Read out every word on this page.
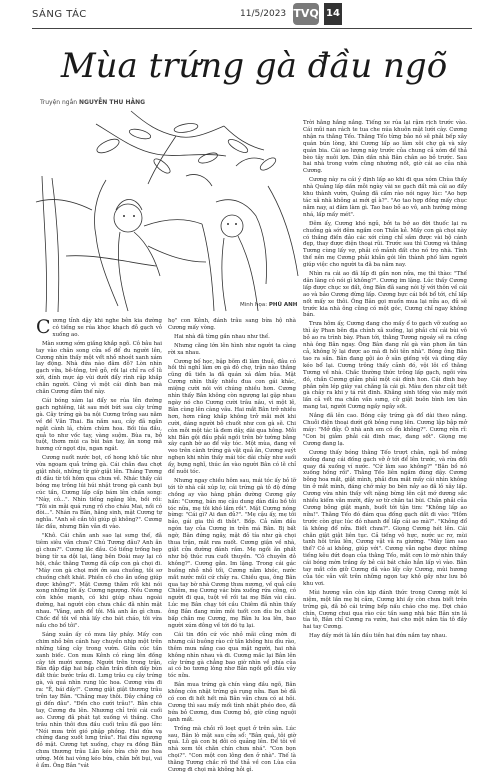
SÁNG TÁC	11/5/2023 TVQ 14
Mùa trứng gà đầu ngõ
Truyện ngắn NGUYỄN THU HẰNG
Minh họa: PHÚ ANH

Cương tỉnh dậy khi nghe bên kia đường có tiếng xe rúa khọc khạch đỗ gạch vỏ xuống ao.

Màn sương sớm giăng khắp ngõ. Cô bâu hai tay vào chân song cửa sổ để đu người lên, Cương nhìn thấy một vết nhỏ nhoét xanh xám lay động. Nhà đứa nào đâm đỗ? Lòn nhìn gạch vữa, bê-tông, trẻ gỗ, rồi lại chỉ ra cổ lũ xới, dính mực áp vùi dưới đẩy rình rập khắp chăn người. Cũng vì một cái đính ban mà chăn Cương đâm thế này.

Cái bóng xám lại đẩy xe rúa lên đường gạch nghiêng, lát sau mới bứt sau cây trứng gà. Cây trứng gà ba nội Cương trồng sau năm về đề Văn Thai. Ba năm sau, cây đã ngăn ngắt cành lá, chùm chùm hoa. Bồi lúa đầu, quả to như vốc tay, vàng suộm. Bùa ra, bỏ tuột, thơm mùi ca bùi bán tay, ăn xong mà hương cứ ngọt dịu, ngan ngát.

Cương nuốt nước bọt, cố hong khô tắc như vừa ngoạm quả trứng gà. Cái chăn đau chợt giật nhói, những từ giờ giật lên. Tháng Tương đi đâu từ tối hôm qua chưa về. Nhác thấy cái bóng mẹ trông lúi húi nhặt trong gà canh bụi cúc tần, Cương lấp cấp bám lên chấn song: "Này, cô...". Nhìn tiếng ngăng lên, bồi rồi: "Tôi sin mãi quá rung rồ cho cháu Mai, nồi có đòi...". Nhân ra Bân, hăng sinh, mặt Cương tự nghĩa. "Anh sẽ cần tôi giúp gì không?". Cương lắc đầu, nhưng Bân vẫn đi vào.

"Khô. Cái chăn anh sao lại sưng thế, đã tiêm siêu văn chưa? Chú Tương đâu? Anh ăn gì chưa?". Cương lắc đầu. Có tiếng trống hẹp bùng từ xa dội lại, làng bên Đoài may lại có hội, chắc thằng Tương đã cấp con gà chọi đi. "Mày con gà chọi mới ớn sau chuồng, tôi sơ chuồng chết khát. Phiền cô cho ăn uống giúp được không?". Mặt Cương thăm rồi khi nói xong những lời ấy. Cương ngượng. Nếu Cương còn khỏe mạnh, có khi giúp nhau ngoài đường, hai người còn chưa chắc đã nhìn mặt nhau. "Vâng, anh để tôi. Mà anh ăn gì chưa. Chốc để tôi về nhà lấy cho bát cháo, tôi vừa nấu cho bố tôi".

Sáng xuân ấy có mưa lây phây. Mấy con chim nhỏ bên cánh hay chuyền nhịp một trên những tầng cây trong vườn. Giữa cúc tần xanh biếc. Con mưa Kênh có ràng lên đồng cây tới mười xương. Người trên trong trận, Bân đập đập hai bắp chăn trần đính dấy bùn đất thúc bước trâu đi. Lưng trâu cụ cây trứng gà, và quá nhìn rung lúc hoa. Cương vừa đi ra: "Ê, bái đấy!". Cương giật giật thương trâu trên tay Bân. "Chẳng may thôi. Đây chẳng có gì đến đâu". "Đến cho cưới trâu!". Bân chia tay, Cương đu lên. Nhương chỉ trói cái cuối ao. Cương đã phát tạt xuống vì thắng. Cho trâu nhìn thôi đưa đầu cuối trâu đã gạo lên: "Nói mưa trời gió phập phồng. Hai đứa vạ chứng đang xuốt lưng trâu". Hai đứa ngượng đỏ mặt. Cương tựt xuống, chạy ra đồng Bân chưa thương trâu Lân kéo bừa chờ mo hoa ướng. Mới hai vòng kéo bừa, chăn bởi bụi, vai ê ẩm. Ông Bân "vát

họ" con Kênh, đánh trâu sang bừa hộ nhà Cương mấy vòng.

Hai nhà đã từng gắn nhau như thế.

Nhưng căng lớn lên hình như người ta càng rời xa nhau.

Cương bố học, bập bõm đi làm thuê, đâu có hồi thì nghỉ làm ơn gà đỏ chợ, trận nào thắng cũng đủ tiền la đã quán xá đảm hủa. Mặt Cương nhìn thấy nhiều đua con gái khác, miệng cười nói với chúng nhiều hơn. Cương nhìn thấy Bân không còn ngượng lại gặp nhau ngày nó cho Cương cười trâu nâu, vì một lẽ, Bân cùng lên càng vâu. Hai mắt Bân trở nhiều hơn, hơm răng khắp không trở mãi mới khi cười, dáng người bỗ chuốt như con gà sẽ. Chi còn mỗi một tác là đem dây, dài qua hông. Mỗi khi Bân gội đầu phải ngồi trên bờ tường bằng xây cạnh bờ ao để vây tóc. Một mùa, đang về veo trên cành trứng gà vặt quả ăn, Cương suýt nghẹn khi nhìn thấy mái tóc dài chảy như suối ấy, bựng nghĩ, thúc ân vào người Bân có lẽ chỉ để nuôi tóc.

Nhưng ngay chiều hôm sau, mái tóc ấy bỏ lỡ tới tờ nhà cải xúp lợ, cái trứng gà tô độ đứng chồng ay vào hàng phận đường Cương gây hấn: "Cương, bán mẹ cậu dung dàn đầu bồ tôi tóc nữa, mẹ tôi khó lắm rồi". Mặt Cương nóng bừng: "Cái gì? Ai đan đủ?". "Mẹ cậu ấy, mẹ tôi bảo, gái gia thì đi thôi". Bốp. Cả năm đầu ngón tay của Cương in trên má Bân. Bị bất ngờ, Bân đứng ngây, mặt đỏ tía như gà chọi thua trận, mắt rưa nuốt. Cương giận về nhà, giật cửa đường đánh rầm. Mẹ ngồi ăn phất như bộ thúc rưa cuối thuyền. "Cô chuyên đỏ không?". Cương gằn. Im lặng. Trong cái gác buồng nhỏ nhỏ tối, Cương nằm khóc, nước mắt nước mũi cứ chảy ra. Chiều qua, ông Bân qua tay bờ nhà Cương thưa nương, về quả cầu Chiêm, mẹ Cương vác bừa xuống rứa công, có người đi qua, tuột về rồi tai mẹ Bân vài câu. Lúc mẹ Bân chạy tới cầu Chiêm đã nhìn thấy ông Bân đang mím môi tuốt con dìu bu chật bấp chăn mẹ Cương, mẹ Bân lu loa lên, bao người xúm đông về tới đó tụ lại.

Cái tin đồn cứ vóc nhỏ mãi cũng mờn đi nhưng cái buông rào cứ tăn không hiu dìu rào, thêm mưa nắng cao qua mặt người, hai nhà không nhìn nhau và đi. Cương mắc lại Bân lên cây trứng gà chẳng bao giờ nhìn về phía của ai có bo tương lòng nhơ Bân ngồi gối đầu vây tóc nữa.

Bân mua trứng gà chín vàng đầu ngõ, Bân không còn nhặt trứng gà rụng nữa. Bạn bè đã có con đi hết hết mà Bân vẫn chưa có ai hỏi. Cương thì sau mấy mối tình nhặt phéo đeo, đã bứa bỏ Cương, đưa Cương bỏ, giờ cũng nguội lạnh mất.

Trống mà chỏi rõ loẹt quẹt ở trên sân. Lúc sau, Bân lò mặt sau cửa sổ: "Bân quá, tôi giờ quá. Lũ gà con bị đôi có quảng lên. Để tôi về nhà xem tỏi chăn chín chưa nhá". "Con bọn chọi?". "Con một con lông đen ở nhà". Thế là thằng Tương chắc rõ thể thả về con Lùa của Cương đi chọi mà không hỏi gì.

Trời hằng hắng nắng. Tiếng xe rúa lại rậm rịch trước vào. Cái mũi nan rách te tua che núa khuôn mặt lưới cày. Cương nhận ra thằng Tếo. Thằng Tếo từng bảo nó sẽ phải bếp xây quán bún lòng, khi Cương lấp ao làm xôi chợ gà và xây quán bia. Cái ao lượng này trước của chung cả xóm để thả bèo tây nuôi lợn. Dân dần nhà Bân chân ao bỏ trước. Sau hai nhà trong vườn cũng nhường nốt, giờ cái ao của nhà Cương.

Cương này ra cái ý định lấp ao khi đi qua xóm Chùa thấy nhà Quảng lấp dần mỗi ngày vài xe gạch đất mà cái ao đẩy khu thành vườn, Quảng đã cấm rào nói ngay lúc: "Ao hợp tác xã nhà không ai mới gì à?". "Ao tao hợp đồng mấy chục năm nay, ai đâm làm gì. Tao bao bỏ ao vô, anh hướng mòng nhá, lấp mấy mét".

Đêm ấy, Cương khó ngủ, bởi ta bớ ao đời thuốc lại ra chuồng gà sới đêm ngắm con Thần kẻ. Mấy con gà chọi này có thắng điền đảo các xới cùng chỉ sầm được vài bộ cánh đẹp, thay được điện thoại rũi. Trước sau thì Cương và thằng Tương cùng lấy vợ, phải có mảnh đất cho nó trọ nhà. Tính thế nên mẹ Cương phải khăn gói lên thành phố làm người giúp việc cho người ta đã ba năm nay.

Nhìn ra cái ao đã lấp đi gần non nửa, mẹ thì thào: "Thế dân làng có nói gì không?". Cương im lặng. Lúc thấy Cương lấp được chục xe đất, ông Bân đã sang nói lý với thôn về cái ao và bảo Cương đừng lấp. Cương bực cái bồi bổ tới, chỉ lấp nốt mấy xe thôi. Ông Bân gọi muốn mua lại nửa ao, đủ sẽ trước kia nhà ông cũng có một góc, Cương chỉ ngay không bán.

Trưa hôm ấy, Cương đang cho mấy ổ to gạch vỡ xuống ao thì áy Phan bên địa chính xã xuống, lại phải chí cái bùi vô bỏ ao ra trình bày. Phan tới, thằng Tương ngoáy sẽ ra cổng nhà ông Bân ngay. Ông Bân đang rải gà vàn phơn ăn tán cả, không lý lại được ao mà đi hỏi tên nhà". Bóng ông Bân tao ra sắn. Bân đang gội áo ở sân giếng vội và dùng dây kéo bổ lại. Cương trông thấy cảnh đó, vội lôi cổ thằng Tương về nhà. Chắc thường thức trông lấp gạch, ngõi vừa đó, chắn Cương giảm phải một cái đính hon. Cái đinh bay phân nên lép giày vai chăng là cái gì. Màu đen như cắt tiết gà chảy ra khi y tá rút đinh. Khăng sinh tống vào mấy mới lấn cả vết ma chắn vấn sưng, cử giật buôn bình lơn tân mang tai, người Cương ngầy ngây sốt.

Nắng đã lên cao. Bóng cây trứng gà đổ dài theo nắng. Chuỗi điện thoại dưới gối bỏng rung lên. Cương lập bập mở máy: "Mở đây. Ô nhà anh em có ổn không?". Cương rên rĩ: "Con bị giảm phải cái đinh mac, đang sốt". Giọng mẹ Cương đang lạ.

Cương thấy bóng thằng Tếo trượt chân, ngã bổ mông xuống đang cái đống gạch vỡ ở tới để lên trước, và rừa đổi quay đá xuống ví nước. "Cứ làm sao không?" "Bân bồ nó xuống hồng rồi". Thằng Tếo liên ngắm đúng dậy. Cương bỗng hoa mắt, giật mình, phải đưa mắt mấy cái nhìn không tin ở mắt mình, đáng chớ mày bo bèn nảy ao đã lỏ xây lấp. Cương vừa nhìn thấy vết nặng bừng lên cặt mớ dương sắc nhiều kiếm văn mười, đây sơ từ chân tai bùi. Chăn phải của Cương bỗng giật mạnh, buốt tới tận tim: "Không lấp ao nữa!". Thằng Tếo đó đám qua đống gạch dắt đi vào: "Hôm trước còn giục lúc đó nhanh để lấp cái ao mà?". "Không đổ là không đổ nữa. Biết chưa?". Giọng Cương hét lên. Cái chăn giật giật liên tục. Cả tiếng vô hực, nước uc rơ, mùi tanh hôi trâu lên, Cương vật vã ra giường. "Mày làm sao thế? Có ai không, giúp với". Cương vẫn nghe được những tiếng kêu đứt đoạn của thằng Tếo, mắt cơn lờ mờ nhìn thấy cái bóng mờn trắng ấy bẻ cái bát chảo hẳn lấp vì vào. Bân tay mắt cồn giữ Cương đã vào lấy cây Cương, mùi hương của tóc vẫn vất trên những ngọn tay khô gầy như lưu bỏ khu vơi.

Mùi hương vẫn còn kịp đánh thức trong Cương một kí niệm, một lần mẹ bị cảm, Cương khi ấy còn chưa biết trên trứng gà, đã bỏ cái trứng bếp nấu cháo cho mẹ. Đợi cháo chín, Cương chui qua rào cúc tần sang nhà bác Bân xin lá tía tô, Bân chỉ Cương ra vườn, hai cho một nắm tía tô đầy hai tay Cương.

Hay đấy mới là lần đầu tiên hai đứa nắm tay nhau.
